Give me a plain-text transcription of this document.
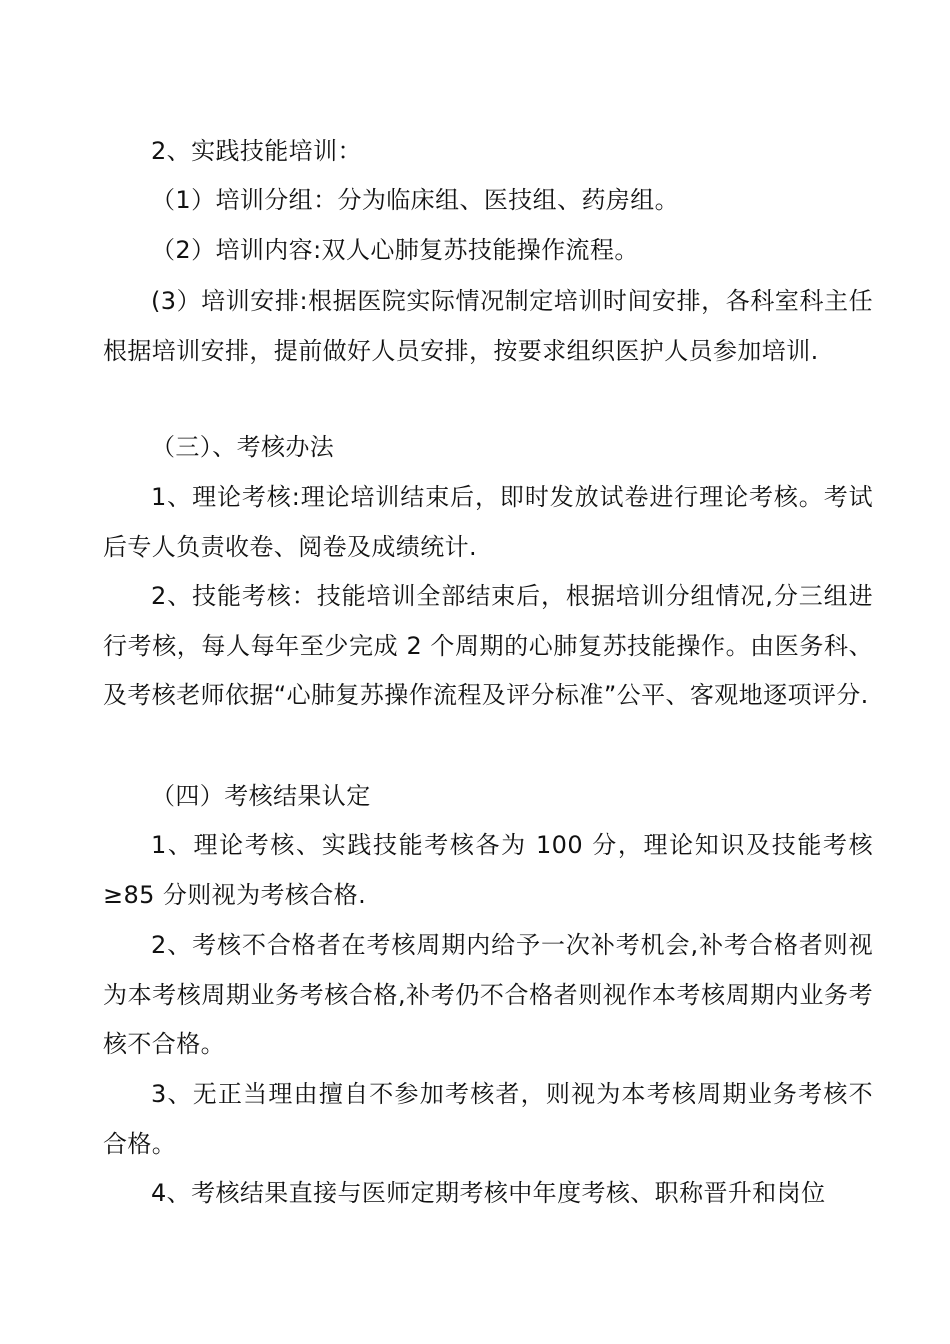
2、实践技能培训：

（1）培训分组：分为临床组、医技组、药房组。

（2）培训内容:双人心肺复苏技能操作流程。

(3）培训安排:根据医院实际情况制定培训时间安排，各科室科主任根据培训安排，提前做好人员安排，按要求组织医护人员参加培训.

（三）、考核办法

1、理论考核:理论培训结束后，即时发放试卷进行理论考核。考试后专人负责收卷、阅卷及成绩统计.

2、技能考核：技能培训全部结束后，根据培训分组情况,分三组进行考核，每人每年至少完成 2 个周期的心肺复苏技能操作。由医务科、及考核老师依据“心肺复苏操作流程及评分标准”公平、客观地逐项评分.

（四）考核结果认定

1、理论考核、实践技能考核各为 100 分，理论知识及技能考核≥85 分则视为考核合格.

2、考核不合格者在考核周期内给予一次补考机会,补考合格者则视为本考核周期业务考核合格,补考仍不合格者则视作本考核周期内业务考核不合格。

3、无正当理由擅自不参加考核者，则视为本考核周期业务考核不合格。

4、考核结果直接与医师定期考核中年度考核、职称晋升和岗位
